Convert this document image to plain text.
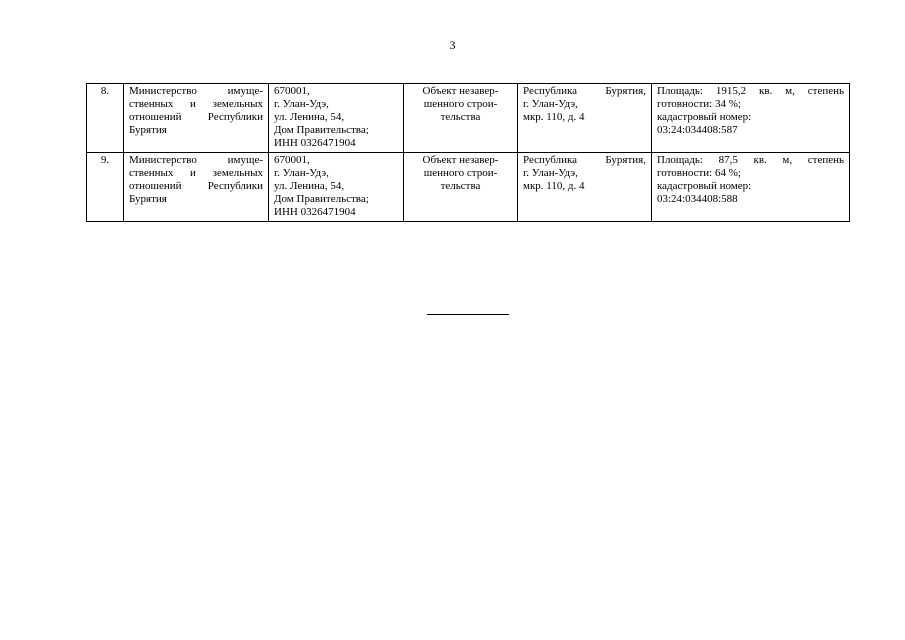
3
8.	Министерство имуще-
ственных и земельных
отношений Республики
Бурятия	670001,
г. Улан-Удэ,
ул. Ленина, 54,
Дом Правительства;
ИНН 0326471904	Объект незавер-
шенного строи-
тельства	Республика Бурятия,
г. Улан-Удэ,
мкр. 110, д. 4	Площадь: 1915,2 кв. м, степень
готовности: 34 %;
кадастровый номер:
03:24:034408:587

9.	Министерство имуще-
ственных и земельных
отношений Республики
Бурятия	670001,
г. Улан-Удэ,
ул. Ленина, 54,
Дом Правительства;
ИНН 0326471904	Объект незавер-
шенного строи-
тельства	Республика Бурятия,
г. Улан-Удэ,
мкр. 110, д. 4	Площадь: 87,5 кв. м, степень
готовности: 64 %;
кадастровый номер:
03:24:034408:588
